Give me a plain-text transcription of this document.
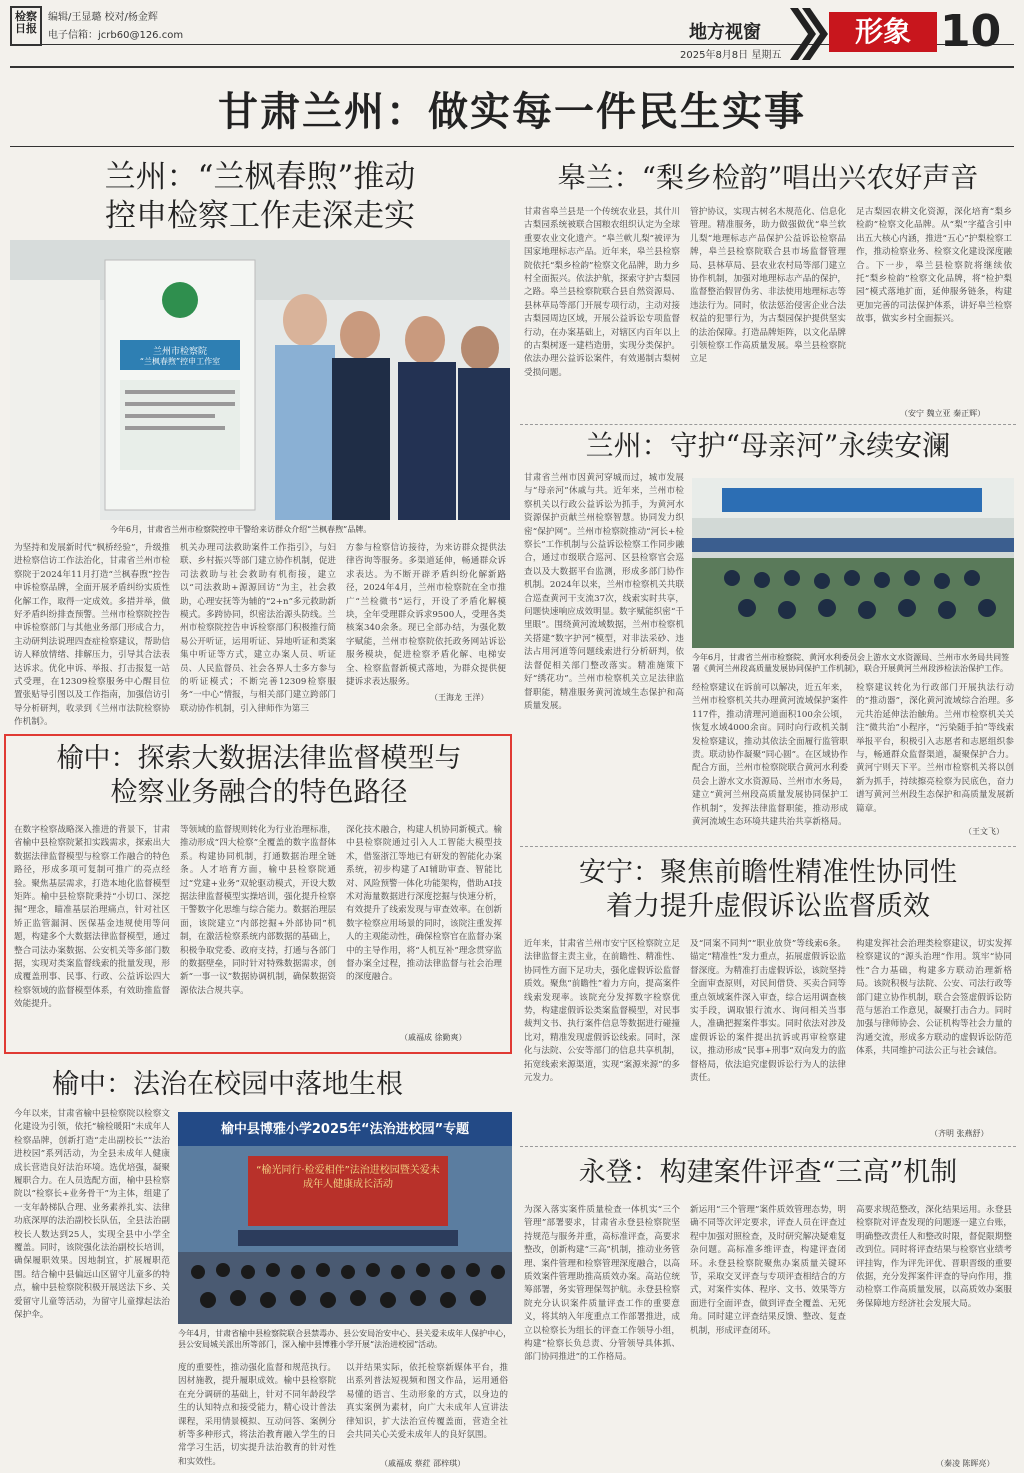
检察日报
编辑/王显璐 校对/杨金辉
电子信箱：jcrb60@126.com	地方视窗
2025年8月8日 星期五
形象 10
甘肃兰州：做实每一件民生实事
兰州：“兰枫春煦”推动
控申检察工作走深走实
兰州市检察院
“兰枫春煦”控申工作室
今年6月，甘肃省兰州市检察院控申干警给来访群众介绍“兰枫春煦”品牌。
为坚持和发展新时代“枫桥经验”，升级推进检察信访工作法治化，甘肃省兰州市检察院于2024年11月打造“兰枫春煦”控告申诉检察品牌，全面开展矛盾纠纷实质性化解工作，取得一定成效。多措并举，做好矛盾纠纷排查预警。兰州市检察院控告申诉检察部门与其他业务部门形成合力，主动研判法说理四查症检察建议，帮助信访人释放情绪、排解压力，引导其合法表达诉求。优化申诉、举报、打击报复一站式受理，在12309检察服务中心醒目位置张贴导引图以及工作指南，加强信访引导分析研判，收录到《兰州市法院检察协作机制》。
机关办理司法救助案件工作指引》，与妇联、乡村振兴等部门建立协作机制，促进司法救助与社会救助有机衔接，建立以“司法救助+源源回访”为主，社会救助，心理安抚等为辅的“2+n”多元救助新模式。多跨协同，织密法治源头防线。兰州市检察院控告申诉检察部门积极推行简易公开听证，运用听证、异地听证和类案集中听证等方式，建立办案人员、听证员、人民监督员、社会各界人士多方参与的听证模式；不断完善12309检察服务“一中心”情报，与相关部门建立跨部门联动协作机制，引入律师作为第三
方参与检察信访接待，为来访群众提供法律咨询等服务。多渠道延伸，畅通群众诉求表达。为不断开辟矛盾纠纷化解新路径，2024年4月，兰州市检察院在全市推广“兰检微书”运行，开设了矛盾化解模块，全年受理群众诉求9500人，受理各类核案340余条。现已全部办结，为强化数字赋能，兰州市检察院依托政务网站诉讼服务模块，促进检察矛盾化解、电梯安全、检察监督新模式落地，为群众提供便捷诉求表达服务。
（王海龙 王洋）
皋兰：“梨乡检韵”唱出兴农好声音
甘肃省皋兰县是一个传统农业县，其什川古梨园系统被联合国粮农组织认定为全球重要农业文化遗产。“皋兰軟儿梨”被评为国家地理标志产品。近年来，皋兰县检察院依托“梨乡检韵”检察文化品牌，助力乡村全面振兴。依法护航，探索守护古梨园之路。皋兰县检察院联合县自然资源局、县林草局等部门开展专项行动，主动对接古梨园周边区域，开展公益诉讼专项监督行动，在办案基础上，对辖区内百年以上的古梨树逐一建档造册，实现分类保护。依法办理公益诉讼案件，有效遏制古梨树受损问题。
管护协议，实现古树名木规范化、信息化管理。精准服务，助力做强做优“皋兰软儿梨”地理标志产品保护公益诉讼检察品牌，皋兰县检察院联合县市场监督管理局、县林草局、县农业农村局等部门建立协作机制，加强对地理标志产品的保护，监督整治假冒伪劣、非法使用地理标志等违法行为。同时，依法惩治侵害企业合法权益的犯罪行为，为古梨园保护提供坚实的法治保障。打造品牌矩阵，以文化品牌引领检察工作高质量发展。皋兰县检察院立足
足古梨园农耕文化资源，深化培育“梨乡检韵”检察文化品牌。从“梨”字蕴含引申出五大核心内涵，推进“五心”护梨检察工作，推动检察业务、检察文化建设深度融合。下一步，皋兰县检察院将继续依托“梨乡检韵”检察文化品牌，将“检护梨园”模式落地扩面，延伸服务链条，构建更加完善的司法保护体系，讲好皋兰检察故事，做实乡村全面振兴。
（安宁 魏立亚 秦正辉）
兰州：守护“母亲河”永续安澜
甘肃省兰州市因黄河穿城而过，城市发展与“母亲河”休戚与共。近年来，兰州市检察机关以行政公益诉讼为抓手，为黄河水资源保护贡献兰州检察智慧。协同发力织密“保护网”。兰州市检察院推动“河长+检察长”工作机制与公益诉讼检察工作同步融合，通过市级联合巡河、区县检察官会巡查以及大数据平台监测，形成多部门协作机制。2024年以来，兰州市检察机关共联合巡查黄河干支流37次，线索实时共享，问题快速响应成效明显。数字赋能织密“千里眼”。围绕黄河流域数据，兰州市检察机关搭建“数字护河”模型，对非法采砂、违法占用河道等问题线索进行分析研判，依法督促相关部门整改落实。精准施策下好“绣花功”。兰州市检察机关立足法律监督职能，精准服务黄河流域生态保护和高质量发展。
今年6月，甘肃省兰州市检察院、黄河水利委员会上游水文水资源局、兰州市水务局共同签署《黄河兰州段高质量发展协同保护工作机制》，联合开展黄河兰州段涉检法治保护工作。
经检察建议在诉前可以解决，近五年来，兰州市检察机关共办理黄河流域保护案件117件，推动清理河道面积100余公顷，恢复水域4000余亩。同时向行政机关制发检察建议，推动其依法全面履行监管职责。联动协作凝聚“同心圆”。在区域协作配合方面，兰州市检察院联合黄河水利委员会上游水文水资源局、兰州市水务局，建立“黄河兰州段高质量发展协同保护工作机制”，发挥法律监督职能，推动形成黄河流域生态环境共建共治共享新格局。
检察建议转化为行政部门开展执法行动的“推动器”，深化黄河流域综合治理。多元共治延伸法治触角。兰州市检察机关关注“微共治”小程序，“污染随手拍”等线索举报平台，积极引入志愿者和志愿组织参与，畅通群众监督渠道，凝聚保护合力。黄河宁则天下平。兰州市检察机关将以创新为抓手，持续擦亮检察为民底色，奋力谱写黄河兰州段生态保护和高质量发展新篇章。
（王文飞）
榆中：探索大数据法律监督模型与
检察业务融合的特色路径
在数字检察战略深入推进的背景下，甘肃省榆中县检察院紧扣实践需求，探索出大数据法律监督模型与检察工作融合的特色路径，形成多项可复制可推广的亮点经验。聚焦基层需求，打造本地化监督模型矩阵。榆中县检察院秉持“小切口、深挖掘”理念，瞄准基层治理痛点，针对社区矫正监管漏洞、医保基金违规使用等问题，构建多个大数据法律监督模型，通过整合司法办案数据、公安机关等多部门数据，实现对类案监督线索的批量发现，形成覆盖刑事、民事、行政、公益诉讼四大检察领域的监督模型体系，有效助推监督效能提升。
等领域的监督规则转化为行业治理标准，推动形成“四大检察”全覆盖的数字监督体系。构建协同机制，打通数据治理全链条。人才培育方面，榆中县检察院通过“党建+业务”双轮驱动模式，开设大数据法律监督模型实操培训，强化提升检察干警数字化思维与综合能力。数据治理层面，该院建立“内部挖掘+外部协同”机制，在激活检察系统内部数据的基础上，积极争取党委、政府支持，打通与各部门的数据壁垒，同时针对特殊数据需求，创新“一事一议”数据协调机制，确保数据资源依法合规共享。
深化技术融合，构建人机协同新模式。榆中县检察院通过引入人工智能大模型技术，借鉴浙江等地已有研发的智能化办案系统，初步构建了AI辅助审查、智能比对、风险预警一体化功能架构，借助AI技术对海量数据进行深度挖掘与快速分析，有效提升了线索发现与审查效率。在创新数字检察应用场景的同时，该院注重发挥人的主观能动性，确保检察官在监督办案中的主导作用，将“人机互补”理念贯穿监督办案全过程，推动法律监督与社会治理的深度融合。
（戚福成 徐勤爽）
安宁：聚焦前瞻性精准性协同性
着力提升虚假诉讼监督质效
近年来，甘肃省兰州市安宁区检察院立足法律监督主责主业，在前瞻性、精准性、协同性方面下足功夫，强化虚假诉讼监督质效。聚焦“前瞻性”着力方向，提高案件线索发现率。该院充分发挥数字检察优势，构建虚假诉讼类案监督模型，对民事裁判文书、执行案件信息等数据进行碰撞比对，精准发现虚假诉讼线索。同时，深化与法院、公安等部门的信息共享机制，拓宽线索来源渠道，实现“案源来源”的多元发力。
及“同案不同判”“职业放贷”等线索6条。锚定“精准性”发力重点，拓展虚假诉讼监督深度。为精准打击虚假诉讼，该院坚持全面审查原则，对民间借贷、买卖合同等重点领域案件深入审查，综合运用调查核实手段，调取银行流水、询问相关当事人，准确把握案件事实。同时依法对涉及虚假诉讼的案件提出抗诉或再审检察建议，推动形成“民事+刑事”双向发力的监督格局，依法追究虚假诉讼行为人的法律责任。
构建发挥社会治理类检察建议，切实发挥检察建议的“源头治理”作用。筑牢“协同性”合力基础，构建多方联动治理新格局。该院积极与法院、公安、司法行政等部门建立协作机制，联合会签虚假诉讼防范与惩治工作意见，凝聚打击合力。同时加强与律师协会、公证机构等社会力量的沟通交流，形成多方联动的虚假诉讼防范体系，共同维护司法公正与社会诚信。
（齐明 张燕舒）
榆中：法治在校园中落地生根
今年以来，甘肃省榆中县检察院以检察文化建设为引领，依托“榆检暖阳”未成年人检察品牌，创新打造“走出副校长”“法治进校园”系列活动，为全县未成年人健康成长营造良好法治环境。选优培强，凝聚履职合力。在人员选配方面，榆中县检察院以“检察长+业务骨干”为主体，组建了一支年龄梯队合理、业务素养扎实、法律功底深厚的法治副校长队伍，全县法治副校长人数达到25人，实现全县中小学全覆盖。同时，该院强化法治副校长培训，确保履职效果。因地制宜，扩展履职范围。结合榆中县偏远山区留守儿童多的特点，榆中县检察院积极开展送法下乡、关爱留守儿童等活动，为留守儿童撑起法治保护伞。
榆中县博雅小学2025年“法治进校园”专题
“榆光同行·检爱相伴”法治进校园暨关爱未成年人健康成长活动
今年4月，甘肃省榆中县检察院联合县禁毒办、县公安局治安中心、县关爱未成年人保护中心，县公安局城关派出所等部门，深入榆中县博雅小学开展“法治进校园”活动。
度的重要性，推动强化监督和规范执行。因材施教，提升履职成效。榆中县检察院在充分调研的基础上，针对不同年龄段学生的认知特点和接受能力，精心设计普法课程，采用情景模拟、互动问答、案例分析等多种形式，将法治教育融入学生的日常学习生活，切实提升法治教育的针对性和实效性。
以并结果实际，依托检察新媒体平台，推出系列普法短视频和图文作品，运用通俗易懂的语言、生动形象的方式，以身边的真实案例为素材，向广大未成年人宣讲法律知识，扩大法治宣传覆盖面，营造全社会共同关心关爱未成年人的良好氛围。
（戚福成 蔡荭 邵梓琪）
永登：构建案件评查“三高”机制
为深入落实案件质量检查一体机实“三个管理”部署要求，甘肃省永登县检察院坚持规范与服务并重，高标准评查，高要求整改，创新构建“三高”机制，推动业务管理、案件管理和检察管理深度融合，以高质效案件管理助推高质效办案。高站位统筹部署，务实管理保驾护航。永登县检察院充分认识案件质量评查工作的重要意义，将其纳入年度重点工作部署推进，成立以检察长为组长的评查工作领导小组，构建“检察长负总责、分管领导具体抓、部门协同推进”的工作格局。
新运用“三个管理”案件质效管理态势，明确不同等次评定要求，评查人员在评查过程中加强对照检查，及时研究解决疑难复杂问题。高标准多维评查，构建评查闭环。永登县检察院聚焦办案质量关键环节，采取交叉评查与专项评查相结合的方式，对案件实体、程序、文书、效果等方面进行全面评查，做到评查全覆盖、无死角。同时建立评查结果反馈、整改、复查机制，形成评查闭环。
高要求规范整改，深化结果运用。永登县检察院对评查发现的问题逐一建立台账，明确整改责任人和整改时限，督促限期整改到位。同时将评查结果与检察官业绩考评挂钩，作为评先评优、晋职晋级的重要依据，充分发挥案件评查的导向作用，推动检察工作高质量发展，以高质效办案服务保障地方经济社会发展大局。
（秦凌 陈晖亮）
